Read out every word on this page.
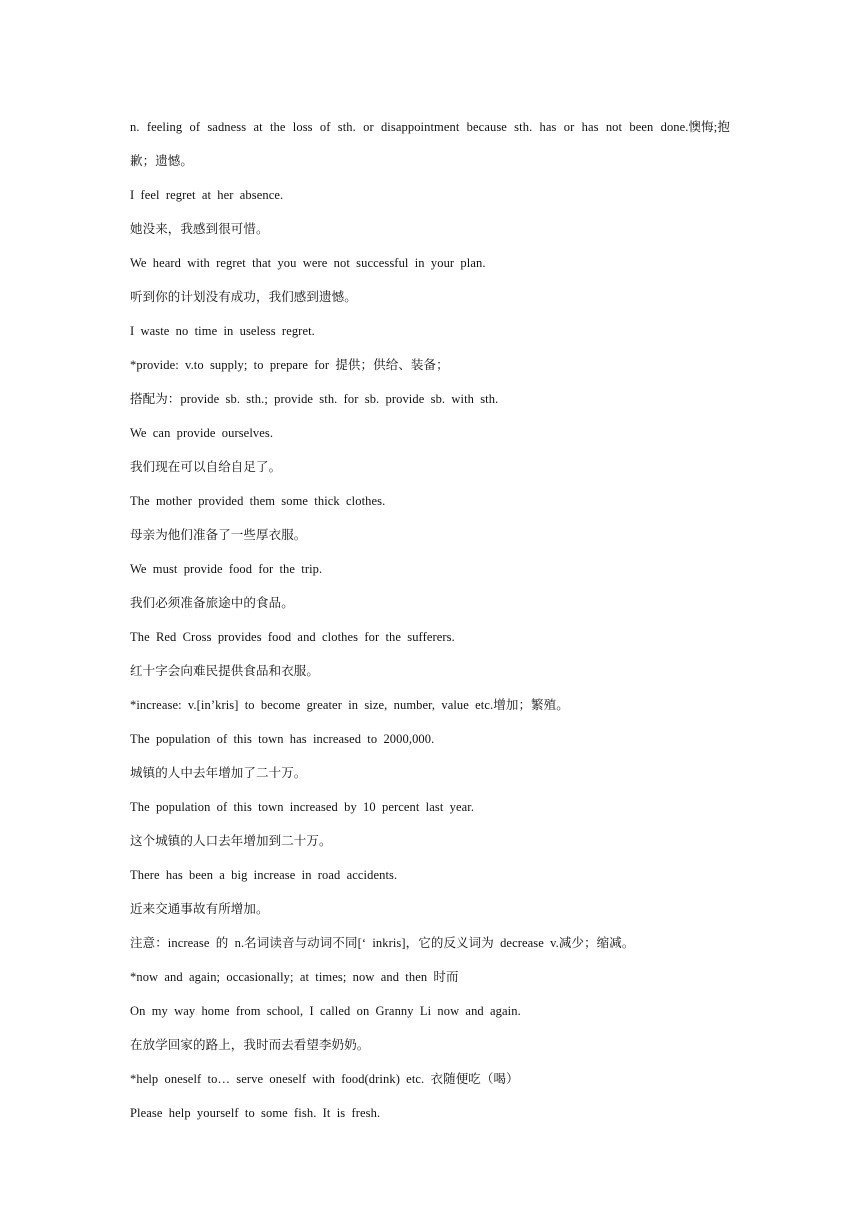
n. feeling of sadness at the loss of sth. or disappointment because sth. has or has not been done.懊悔;抱歉；遗憾。
I feel regret at her absence.
她没来，我感到很可惜。
We heard with regret that you were not successful in your plan.
听到你的计划没有成功，我们感到遗憾。
I waste no time in useless regret.
*provide: v.to supply; to prepare for 提供；供给、装备；
搭配为：provide sb. sth.; provide sth. for sb. provide sb. with sth.
We can provide ourselves.
我们现在可以自给自足了。
The mother provided them some thick clothes.
母亲为他们准备了一些厚衣服。
We must provide food for the trip.
我们必须准备旅途中的食品。
The Red Cross provides food and clothes for the sufferers.
红十字会向难民提供食品和衣服。
*increase: v.[in’kris] to become greater in size, number, value etc.增加；繁殖。
The population of this town has increased to 2000,000.
城镇的人中去年增加了二十万。
The population of this town increased by 10 percent last year.
这个城镇的人口去年增加到二十万。
There has been a big increase in road accidents.
近来交通事故有所增加。
注意：increase 的 n.名词读音与动词不同[‘ inkris]，它的反义词为 decrease v.减少；缩减。
*now and again; occasionally; at times; now and then 时而
On my way home from school, I called on Granny Li now and again.
在放学回家的路上，我时而去看望李奶奶。
*help oneself to… serve oneself with food(drink) etc. 衣随便吃（喝）
Please help yourself to some fish. It is fresh.
